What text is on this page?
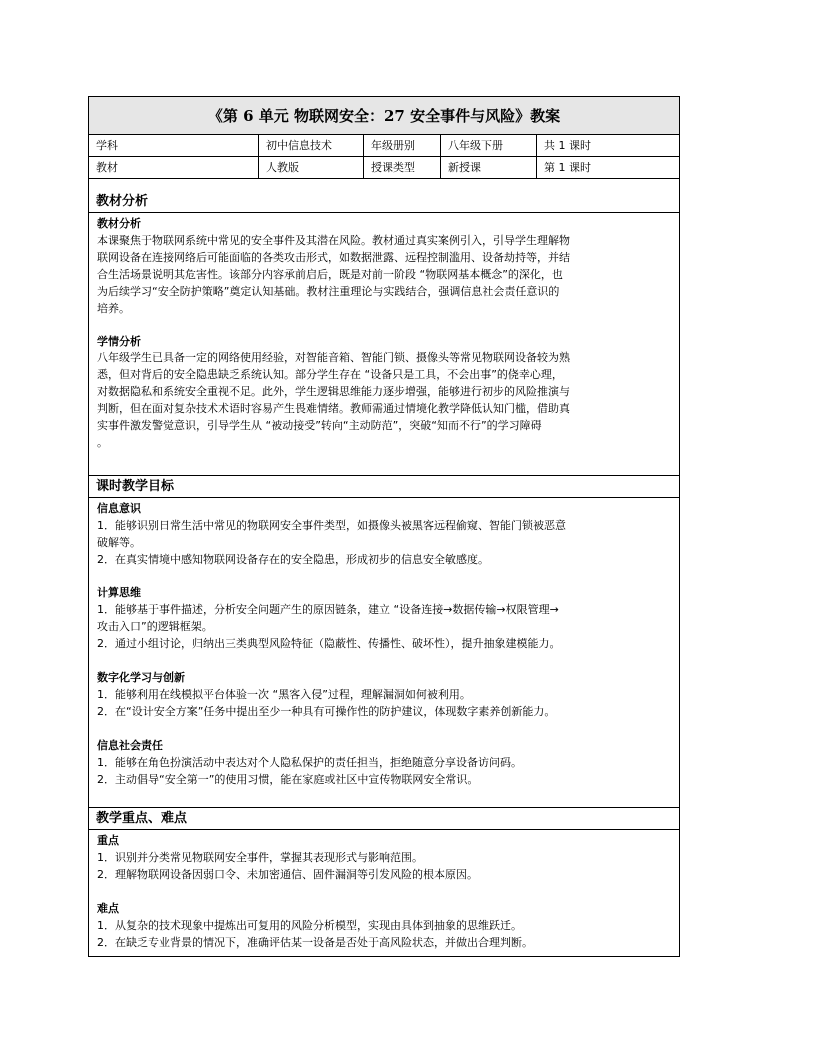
《第 6 单元 物联网安全：27 安全事件与风险》教案
学科	初中信息技术	年级册别	八年级下册	共 1 课时
教材	人教版	授课类型	新授课	第 1 课时
教材分析
教材分析
本课聚焦于物联网系统中常见的安全事件及其潜在风险。教材通过真实案例引入，引导学生理解物
联网设备在连接网络后可能面临的各类攻击形式，如数据泄露、远程控制滥用、设备劫持等，并结
合生活场景说明其危害性。该部分内容承前启后，既是对前一阶段 “物联网基本概念”的深化，也
为后续学习“安全防护策略”奠定认知基础。教材注重理论与实践结合，强调信息社会责任意识的
培养。
学情分析
八年级学生已具备一定的网络使用经验，对智能音箱、智能门锁、摄像头等常见物联网设备较为熟
悉，但对背后的安全隐患缺乏系统认知。部分学生存在 “设备只是工具，不会出事”的侥幸心理，
对数据隐私和系统安全重视不足。此外，学生逻辑思维能力逐步增强，能够进行初步的风险推演与
判断，但在面对复杂技术术语时容易产生畏难情绪。教师需通过情境化教学降低认知门槛，借助真
实事件激发警觉意识，引导学生从 “被动接受”转向“主动防范”，突破“知而不行”的学习障碍
。
课时教学目标
信息意识
1．能够识别日常生活中常见的物联网安全事件类型，如摄像头被黑客远程偷窥、智能门锁被恶意
破解等。
2．在真实情境中感知物联网设备存在的安全隐患，形成初步的信息安全敏感度。
计算思维
1．能够基于事件描述，分析安全问题产生的原因链条，建立 “设备连接→数据传输→权限管理→
攻击入口”的逻辑框架。
2．通过小组讨论，归纳出三类典型风险特征（隐蔽性、传播性、破坏性），提升抽象建模能力。
数字化学习与创新
1．能够利用在线模拟平台体验一次 “黑客入侵”过程，理解漏洞如何被利用。
2．在“设计安全方案”任务中提出至少一种具有可操作性的防护建议，体现数字素养创新能力。
信息社会责任
1．能够在角色扮演活动中表达对个人隐私保护的责任担当，拒绝随意分享设备访问码。
2．主动倡导“安全第一”的使用习惯，能在家庭或社区中宣传物联网安全常识。
教学重点、难点
重点
1．识别并分类常见物联网安全事件，掌握其表现形式与影响范围。
2．理解物联网设备因弱口令、未加密通信、固件漏洞等引发风险的根本原因。
难点
1．从复杂的技术现象中提炼出可复用的风险分析模型，实现由具体到抽象的思维跃迁。
2．在缺乏专业背景的情况下，准确评估某一设备是否处于高风险状态，并做出合理判断。
